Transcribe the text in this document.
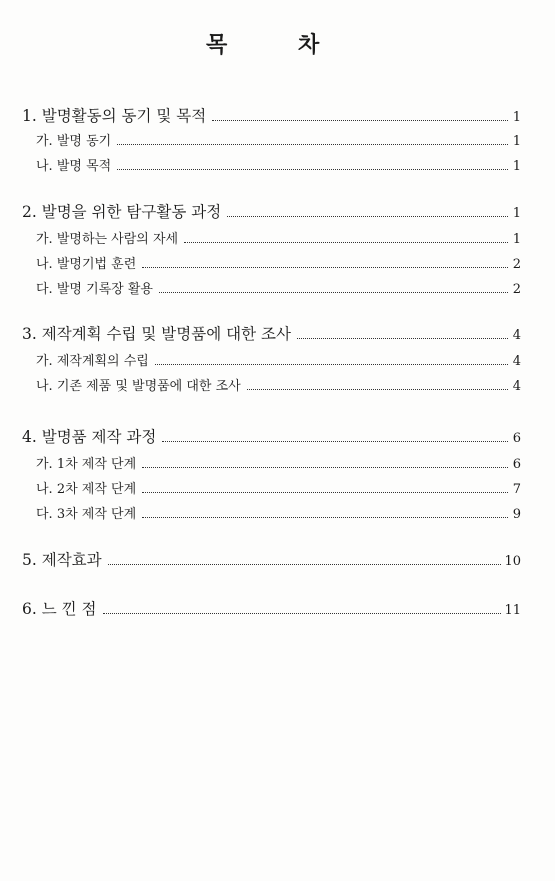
목	차
1. 발명활동의 동기 및 목적	1
가. 발명 동기	1
나. 발명 목적	1
2. 발명을 위한 탐구활동 과정	1
가. 발명하는 사람의 자세	1
나. 발명기법 훈련	2
다. 발명 기록장 활용	2
3. 제작계획 수립 및 발명품에 대한 조사	4
가. 제작계획의 수립	4
나. 기존 제품 및 발명품에 대한 조사	4
4. 발명품 제작 과정	6
가. 1차 제작 단계	6
나. 2차 제작 단계	7
다. 3차 제작 단계	9
5. 제작효과	10
6. 느 낀 점	11
